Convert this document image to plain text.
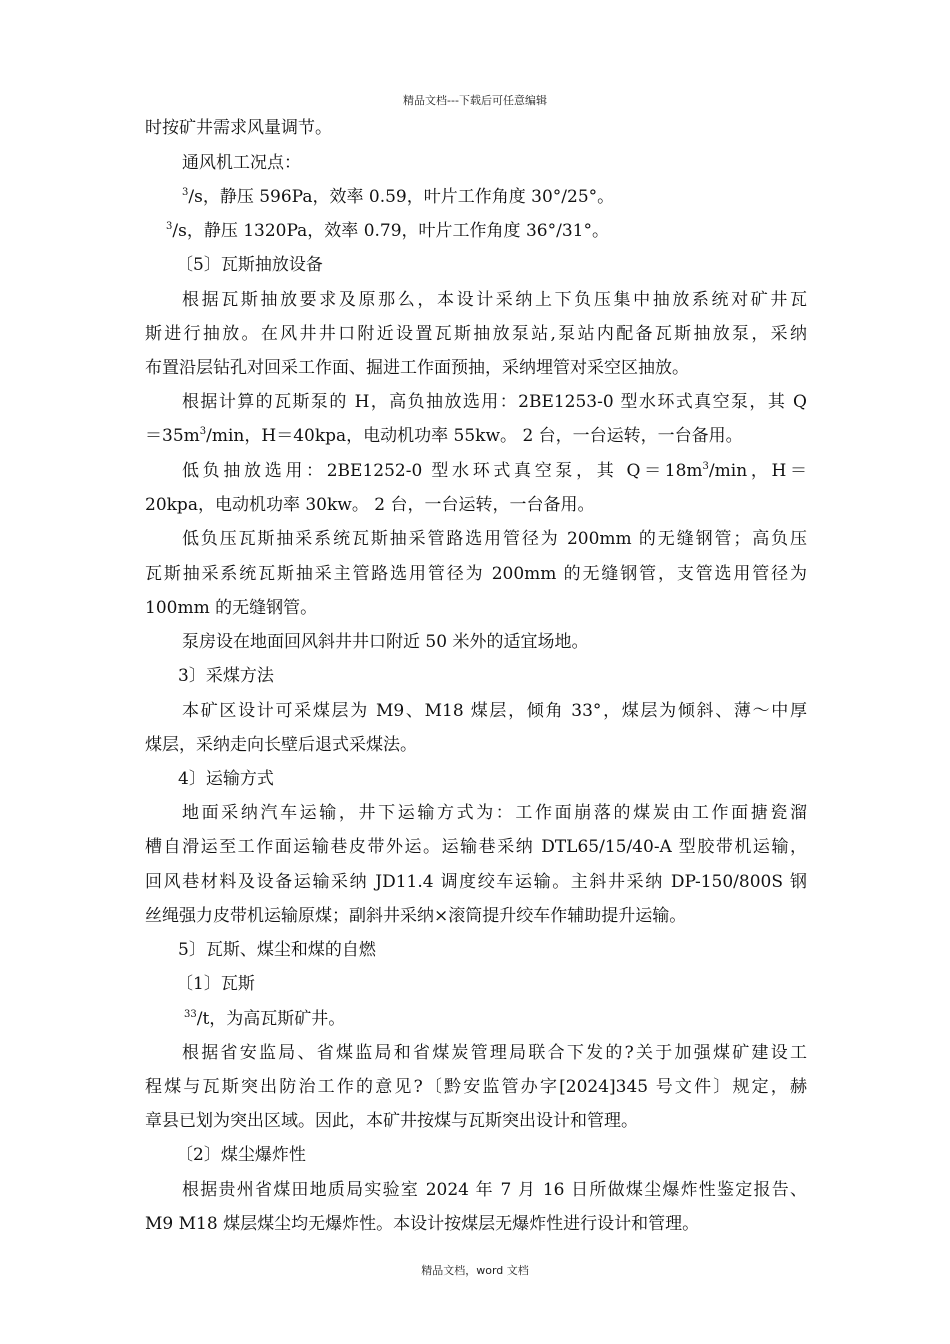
精品文档---下载后可任意编辑
时按矿井需求风量调节。
通风机工况点：
$^3$/s，静压 596Pa，效率 0.59，叶片工作角度 30°/25°。
$^3$/s，静压 1320Pa，效率 0.79，叶片工作角度 36°/31°。
〔5〕瓦斯抽放设备
根据瓦斯抽放要求及原那么，本设计采纳上下负压集中抽放系统对矿井瓦
斯进行抽放。在风井井口附近设置瓦斯抽放泵站,泵站内配备瓦斯抽放泵，采纳
布置沿层钻孔对回采工作面、掘进工作面预抽，采纳埋管对采空区抽放。
根据计算的瓦斯泵的 H，高负抽放选用：2BE1253-0 型水环式真空泵，其 Q
$=35m^3/\min$，H＝40kpa，电动机功率 55kw。 2 台，一台运转，一台备用。
低负抽放选用：2BE1252-0 型水环式真空泵，其 $Q=18m^3/\min$，H＝
20kpa，电动机功率 30kw。 2 台，一台运转，一台备用。
低负压瓦斯抽采系统瓦斯抽采管路选用管径为 200mm 的无缝钢管；高负压
瓦斯抽采系统瓦斯抽采主管路选用管径为 200mm 的无缝钢管，支管选用管径为
100mm 的无缝钢管。
泵房设在地面回风斜井井口附近 50 米外的适宜场地。
3〕采煤方法
本矿区设计可采煤层为 M9、M18 煤层，倾角 33°，煤层为倾斜、薄～中厚
煤层，采纳走向长壁后退式采煤法。
4〕运输方式
地面采纳汽车运输，井下运输方式为：工作面崩落的煤炭由工作面搪瓷溜
槽自滑运至工作面运输巷皮带外运。运输巷采纳 DTL65/15/40-A 型胶带机运输，
回风巷材料及设备运输采纳 JD11.4 调度绞车运输。主斜井采纳 DP-150/800S 钢
丝绳强力皮带机运输原煤；副斜井采纳×滚筒提升绞车作辅助提升运输。
5〕瓦斯、煤尘和煤的自燃
〔1〕瓦斯
$^{33}$/t，为高瓦斯矿井。
根据省安监局、省煤监局和省煤炭管理局联合下发的?关于加强煤矿建设工
程煤与瓦斯突出防治工作的意见?〔黔安监管办字[2024]345 号文件〕规定，赫
章县已划为突出区域。因此，本矿井按煤与瓦斯突出设计和管理。
〔2〕煤尘爆炸性
根据贵州省煤田地质局实验室 2024 年 7 月 16 日所做煤尘爆炸性鉴定报告、
M9 M18 煤层煤尘均无爆炸性。本设计按煤层无爆炸性进行设计和管理。
精品文档，word 文档
